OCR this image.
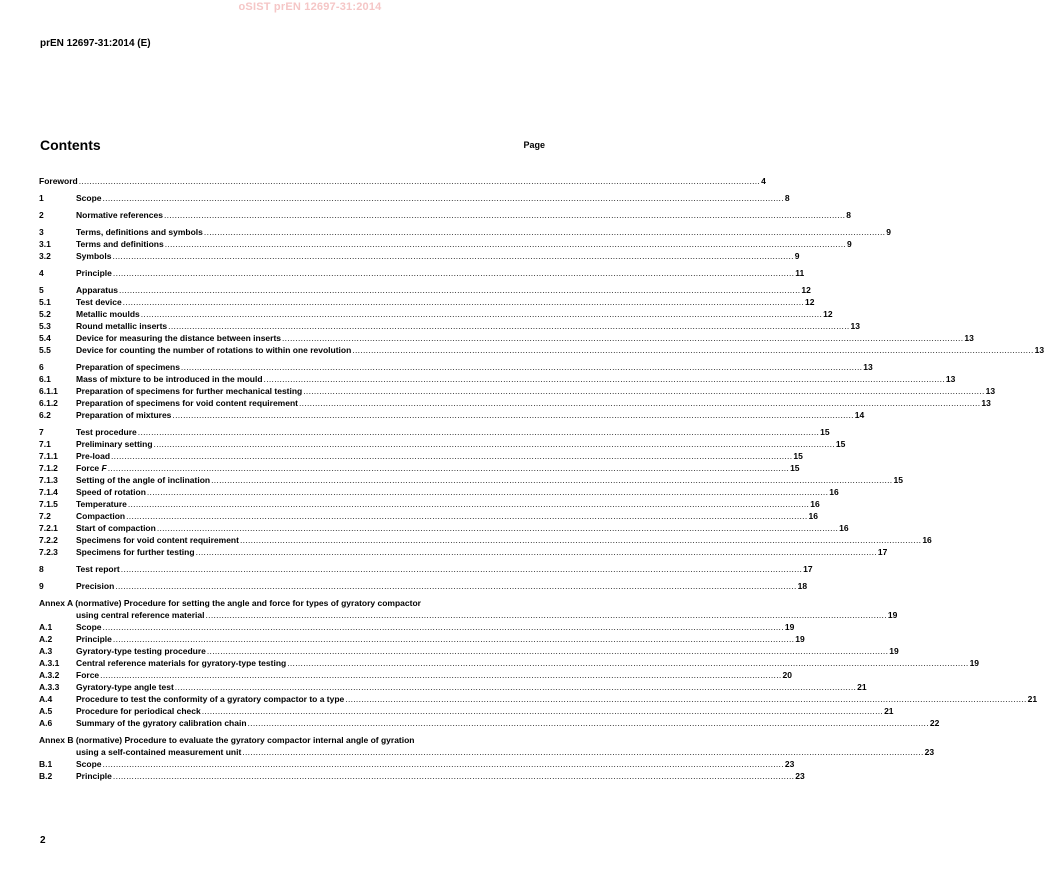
oSIST prEN 12697-31:2014
prEN 12697-31:2014 (E)
Contents	Page
Foreword .....	4
1	Scope .....	8
2	Normative references .....	8
3	Terms, definitions and symbols .....	9
3.1	Terms and definitions .....	9
3.2	Symbols .....	9
4	Principle .....	11
5	Apparatus .....	12
5.1	Test device .....	12
5.2	Metallic moulds .....	12
5.3	Round metallic inserts .....	13
5.4	Device for measuring the distance between inserts .....	13
5.5	Device for counting the number of rotations to within one revolution .....	13
6	Preparation of specimens .....	13
6.1	Mass of mixture to be introduced in the mould .....	13
6.1.1	Preparation of specimens for further mechanical testing .....	13
6.1.2	Preparation of specimens for void content requirement .....	13
6.2	Preparation of mixtures .....	14
7	Test procedure .....	15
7.1	Preliminary setting .....	15
7.1.1	Pre-load .....	15
7.1.2	Force F .....	15
7.1.3	Setting of the angle of inclination .....	15
7.1.4	Speed of rotation .....	16
7.1.5	Temperature .....	16
7.2	Compaction .....	16
7.2.1	Start of compaction .....	16
7.2.2	Specimens for void content requirement .....	16
7.2.3	Specimens for further testing .....	17
8	Test report .....	17
9	Precision .....	18
Annex A (normative) Procedure for setting the angle and force for types of gyratory compactor
using central reference material .....	19
A.1	Scope .....	19
A.2	Principle .....	19
A.3	Gyratory-type testing procedure .....	19
A.3.1	Central reference materials for gyratory-type testing .....	19
A.3.2	Force .....	20
A.3.3	Gyratory-type angle test .....	21
A.4	Procedure to test the conformity of a gyratory compactor to a type .....	21
A.5	Procedure for periodical check .....	21
A.6	Summary of the gyratory calibration chain .....	22
Annex B (normative) Procedure to evaluate the gyratory compactor internal angle of gyration
using a self-contained measurement unit .....	23
B.1	Scope .....	23
B.2	Principle .....	23
2
